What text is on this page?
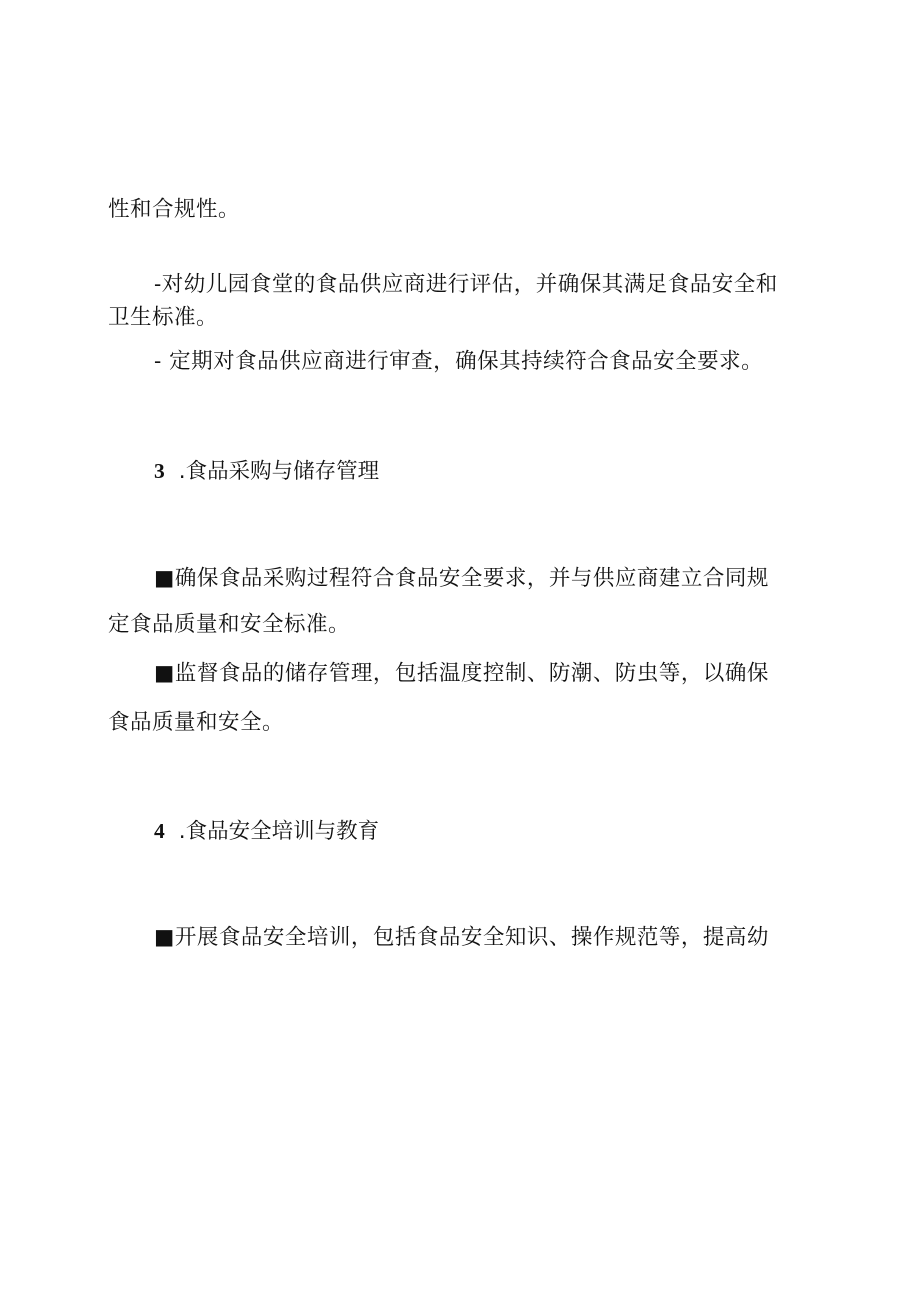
性和合规性。
-对幼儿园食堂的食品供应商进行评估，并确保其满足食品安全和
卫生标准。
- 定期对食品供应商进行审查，确保其持续符合食品安全要求。
3 .食品采购与储存管理
■确保食品采购过程符合食品安全要求，并与供应商建立合同规
定食品质量和安全标准。
■监督食品的储存管理，包括温度控制、防潮、防虫等，以确保
食品质量和安全。
4 .食品安全培训与教育
■开展食品安全培训，包括食品安全知识、操作规范等，提高幼
